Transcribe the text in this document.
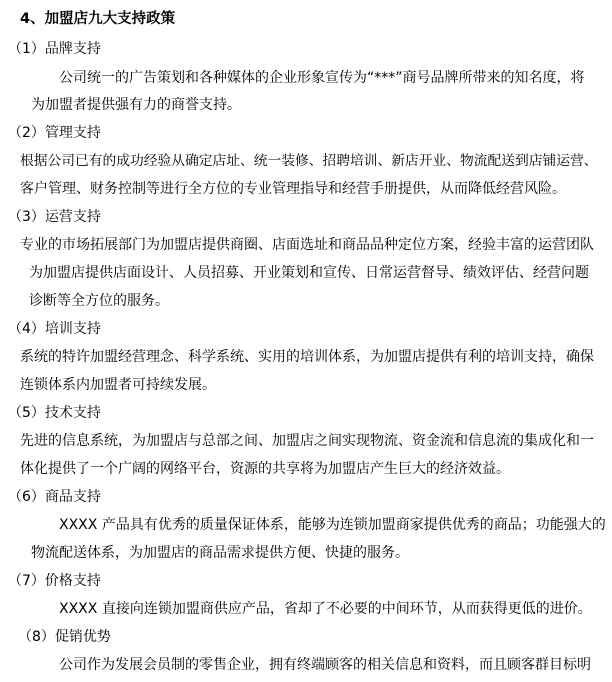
4、加盟店九大支持政策
（1）品牌支持
公司统一的广告策划和各种媒体的企业形象宣传为“***”商号品牌所带来的知名度，将
为加盟者提供强有力的商誉支持。
（2）管理支持
根据公司已有的成功经验从确定店址、统一装修、招聘培训、新店开业、物流配送到店铺运营、
客户管理、财务控制等进行全方位的专业管理指导和经营手册提供，从而降低经营风险。
（3）运营支持
专业的市场拓展部门为加盟店提供商圈、店面选址和商品品种定位方案，经验丰富的运营团队
为加盟店提供店面设计、人员招募、开业策划和宣传、日常运营督导、绩效评估、经营问题
诊断等全方位的服务。
（4）培训支持
系统的特许加盟经营理念、科学系统、实用的培训体系，为加盟店提供有利的培训支持，确保
连锁体系内加盟者可持续发展。
（5）技术支持
先进的信息系统，为加盟店与总部之间、加盟店之间实现物流、资金流和信息流的集成化和一
体化提供了一个广阔的网络平台，资源的共享将为加盟店产生巨大的经济效益。
（6）商品支持
XXXX 产品具有优秀的质量保证体系，能够为连锁加盟商家提供优秀的商品；功能强大的
物流配送体系，为加盟店的商品需求提供方便、快捷的服务。
（7）价格支持
XXXX 直接向连锁加盟商供应产品，省却了不必要的中间环节，从而获得更低的进价。
（8）促销优势
公司作为发展会员制的零售企业，拥有终端顾客的相关信息和资料，而且顾客群目标明
